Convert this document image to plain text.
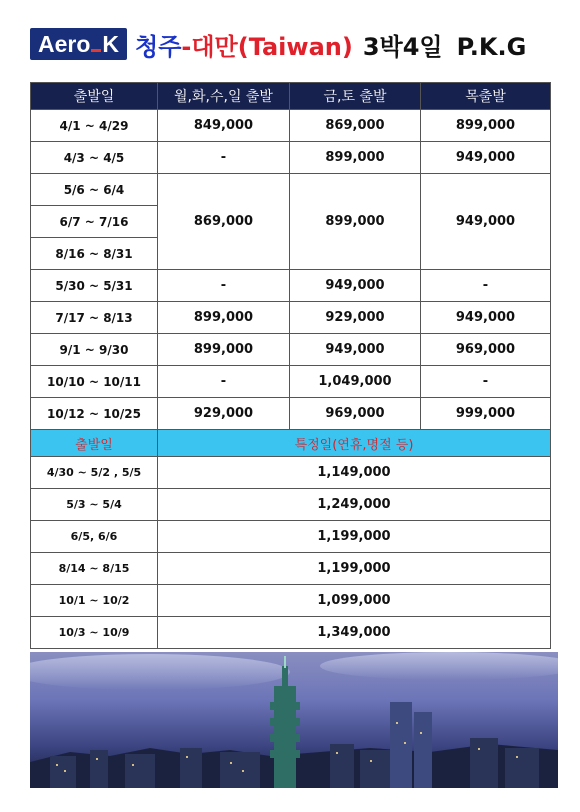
Aero K 청주-대만(Taiwan) 3박4일 P.K.G
출발일	월,화,수,일 출발	금,토 출발	목출발
4/1 ~ 4/29	849,000	869,000	899,000
4/3 ~ 4/5	-	899,000	949,000
5/6 ~ 6/4	869,000	899,000	949,000
6/7 ~ 7/16			
8/16 ~ 8/31			
5/30 ~ 5/31	-	949,000	-
7/17 ~ 8/13	899,000	929,000	949,000
9/1 ~ 9/30	899,000	949,000	969,000
10/10 ~ 10/11	-	1,049,000	-
10/12 ~ 10/25	929,000	969,000	999,000
출발일	특정일(연휴,명절 등)		
4/30 ~ 5/2 , 5/5	1,149,000		
5/3 ~ 5/4	1,249,000		
6/5, 6/6	1,199,000		
8/14 ~ 8/15	1,199,000		
10/1 ~ 10/2	1,099,000		
10/3 ~ 10/9	1,349,000		
